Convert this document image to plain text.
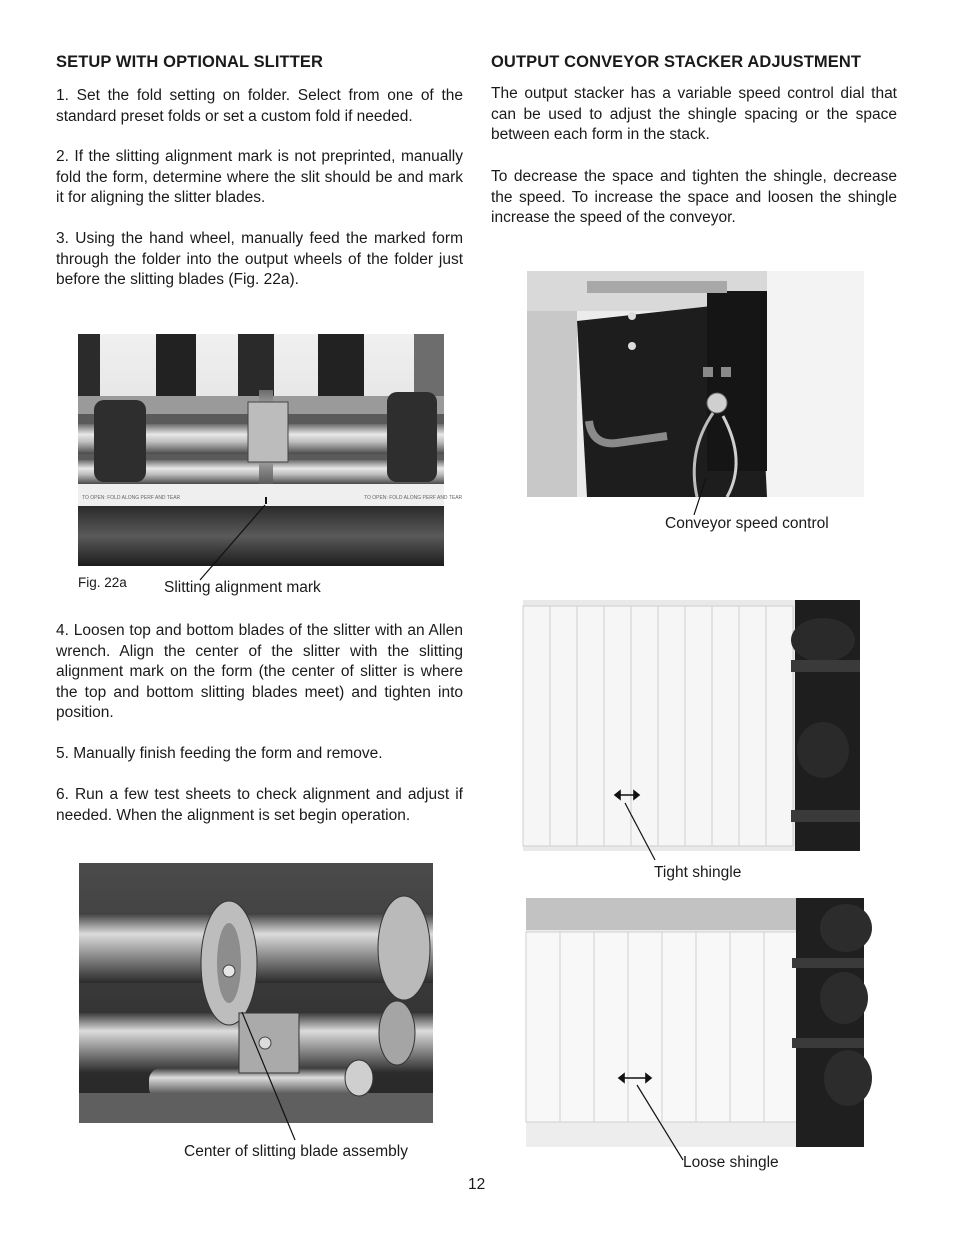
SETUP WITH OPTIONAL SLITTER

1. Set the fold setting on folder. Select from one of the standard preset folds or set a custom fold if needed.

2. If the slitting alignment mark is not preprinted, manually fold the form, determine where the slit should be and mark it for aligning the slitter blades.

3. Using the hand wheel, manually feed the marked form through the folder into the output wheels of the folder just before the slitting blades (Fig. 22a).

TO OPEN: FOLD ALONG PERF AND TEAR	TO OPEN: FOLD ALONG PERF AND TEAR
Fig. 22a Slitting alignment mark

4. Loosen top and bottom blades of the slitter with an Allen wrench. Align the center of the slitter with the slitting alignment mark on the form (the center of slitter is where the top and bottom slitting blades meet) and tighten into position.

5. Manually finish feeding the form and remove.

6. Run a few test sheets to check alignment and adjust if needed. When the alignment is set begin operation.

Center of slitting blade assembly
OUTPUT CONVEYOR STACKER ADJUSTMENT

The output stacker has a variable speed control dial that can be used to adjust the shingle spacing or the space between each form in the stack.

To decrease the space and tighten the shingle, decrease the speed. To increase the space and loosen the shingle increase the speed of the conveyor.

Conveyor speed control
Tight shingle
Loose shingle
12
